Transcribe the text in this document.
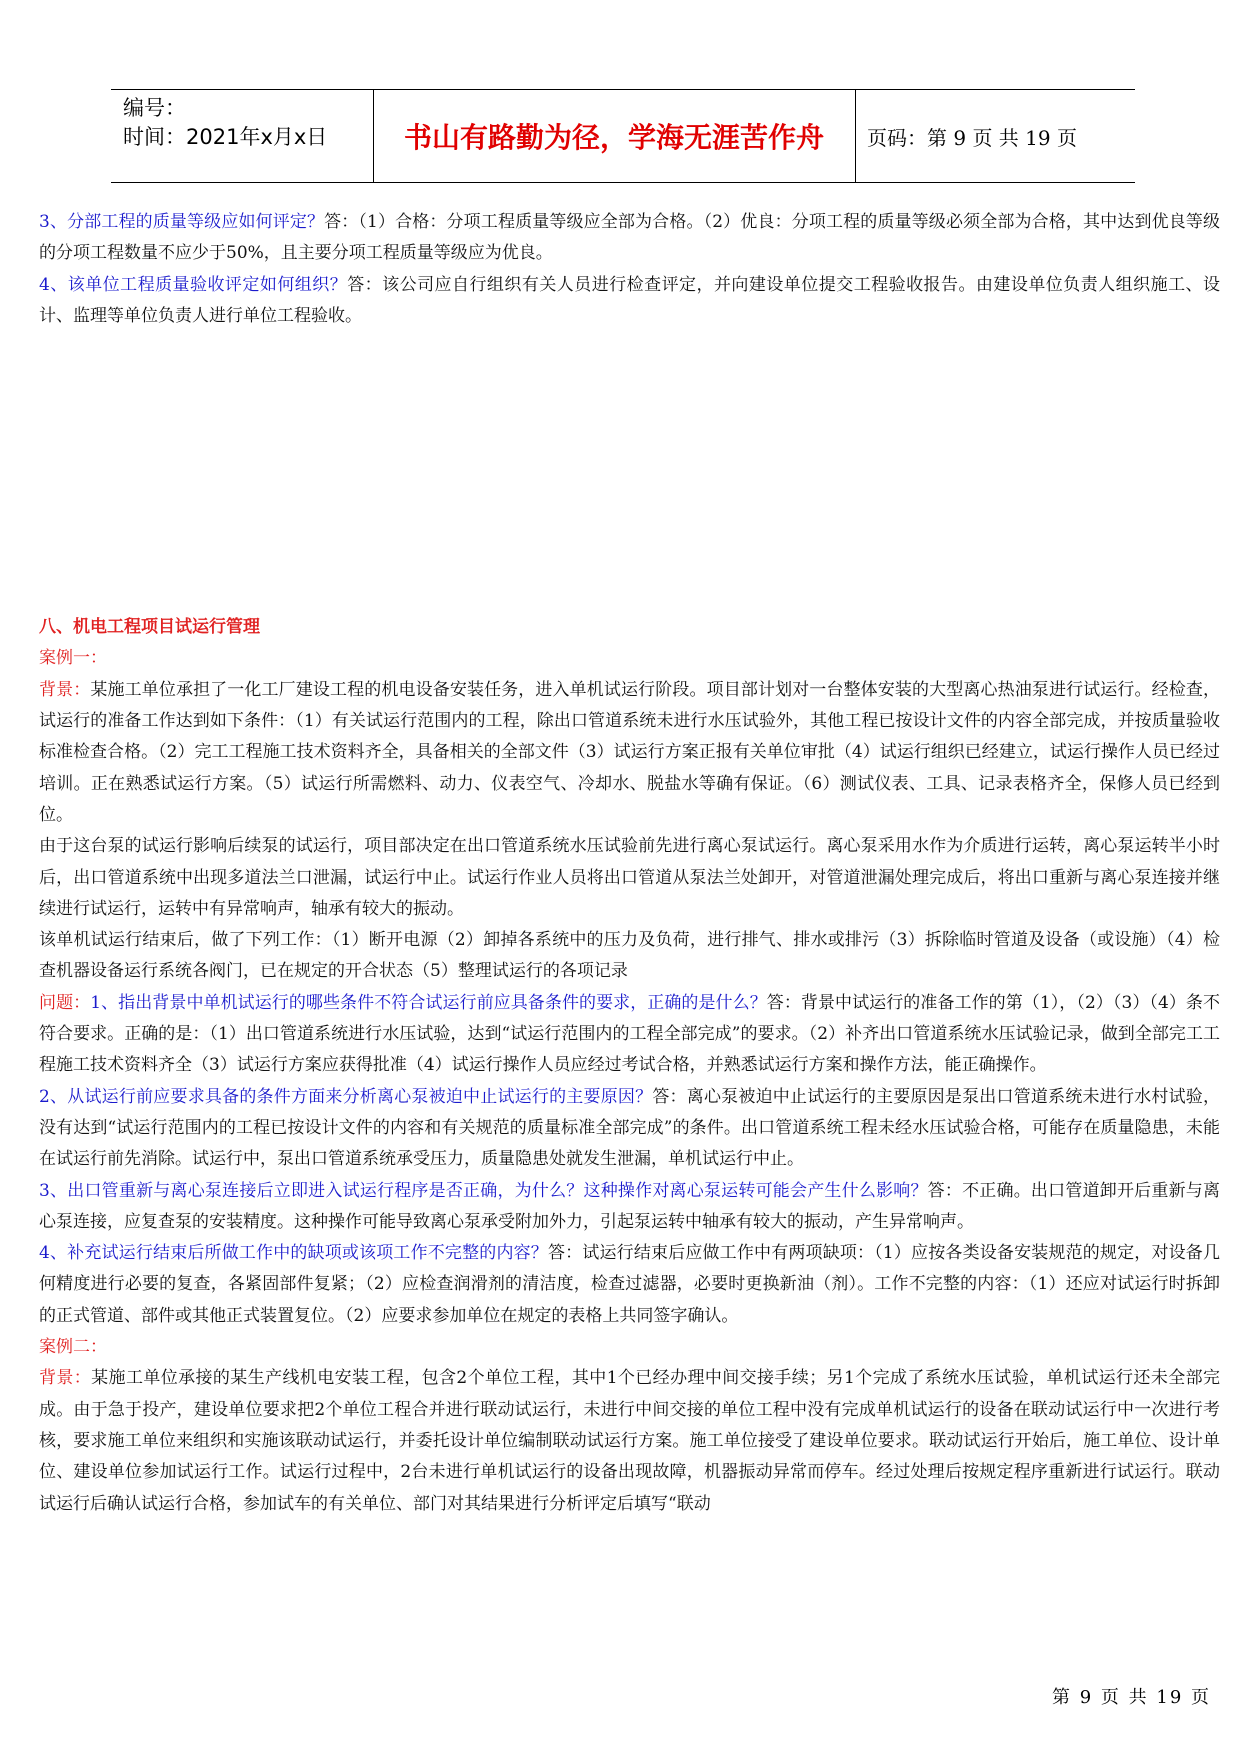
编号：
时间：2021年x月x日	书山有路勤为径，学海无涯苦作舟	页码：第 9 页 共 19 页

3、分部工程的质量等级应如何评定？答：（1）合格：分项工程质量等级应全部为合格。（2）优良：分项工程的质量等级必须全部为合格，其中达到优良等级的分项工程数量不应少于50%，且主要分项工程质量等级应为优良。

4、该单位工程质量验收评定如何组织？答：该公司应自行组织有关人员进行检查评定，并向建设单位提交工程验收报告。由建设单位负责人组织施工、设计、监理等单位负责人进行单位工程验收。

八、机电工程项目试运行管理

案例一：

背景：某施工单位承担了一化工厂建设工程的机电设备安装任务，进入单机试运行阶段。项目部计划对一台整体安装的大型离心热油泵进行试运行。经检查，试运行的准备工作达到如下条件：（1）有关试运行范围内的工程，除出口管道系统未进行水压试验外，其他工程已按设计文件的内容全部完成，并按质量验收标准检查合格。（2）完工工程施工技术资料齐全，具备相关的全部文件（3）试运行方案正报有关单位审批（4）试运行组织已经建立，试运行操作人员已经过培训。正在熟悉试运行方案。（5）试运行所需燃料、动力、仪表空气、冷却水、脱盐水等确有保证。（6）测试仪表、工具、记录表格齐全，保修人员已经到位。

由于这台泵的试运行影响后续泵的试运行，项目部决定在出口管道系统水压试验前先进行离心泵试运行。离心泵采用水作为介质进行运转，离心泵运转半小时后，出口管道系统中出现多道法兰口泄漏，试运行中止。试运行作业人员将出口管道从泵法兰处卸开，对管道泄漏处理完成后，将出口重新与离心泵连接并继续进行试运行，运转中有异常响声，轴承有较大的振动。

该单机试运行结束后，做了下列工作：（1）断开电源（2）卸掉各系统中的压力及负荷，进行排气、排水或排污（3）拆除临时管道及设备（或设施）（4）检查机器设备运行系统各阀门，已在规定的开合状态（5）整理试运行的各项记录

问题：1、指出背景中单机试运行的哪些条件不符合试运行前应具备条件的要求，正确的是什么？答：背景中试运行的准备工作的第（1），（2）（3）（4）条不符合要求。正确的是：（1）出口管道系统进行水压试验，达到“试运行范围内的工程全部完成”的要求。（2）补齐出口管道系统水压试验记录，做到全部完工工程施工技术资料齐全（3）试运行方案应获得批准（4）试运行操作人员应经过考试合格，并熟悉试运行方案和操作方法，能正确操作。

2、从试运行前应要求具备的条件方面来分析离心泵被迫中止试运行的主要原因？答：离心泵被迫中止试运行的主要原因是泵出口管道系统未进行水村试验，没有达到“试运行范围内的工程已按设计文件的内容和有关规范的质量标准全部完成”的条件。出口管道系统工程未经水压试验合格，可能存在质量隐患，未能在试运行前先消除。试运行中，泵出口管道系统承受压力，质量隐患处就发生泄漏，单机试运行中止。

3、出口管重新与离心泵连接后立即进入试运行程序是否正确，为什么？这种操作对离心泵运转可能会产生什么影响？答：不正确。出口管道卸开后重新与离心泵连接，应复查泵的安装精度。这种操作可能导致离心泵承受附加外力，引起泵运转中轴承有较大的振动，产生异常响声。

4、补充试运行结束后所做工作中的缺项或该项工作不完整的内容？答：试运行结束后应做工作中有两项缺项：（1）应按各类设备安装规范的规定，对设备几何精度进行必要的复查，各紧固部件复紧；（2）应检查润滑剂的清洁度，检查过滤器，必要时更换新油（剂）。工作不完整的内容：（1）还应对试运行时拆卸的正式管道、部件或其他正式装置复位。（2）应要求参加单位在规定的表格上共同签字确认。

案例二：

背景：某施工单位承接的某生产线机电安装工程，包含2个单位工程，其中1个已经办理中间交接手续；另1个完成了系统水压试验，单机试运行还未全部完成。由于急于投产，建设单位要求把2个单位工程合并进行联动试运行，未进行中间交接的单位工程中没有完成单机试运行的设备在联动试运行中一次进行考核，要求施工单位来组织和实施该联动试运行，并委托设计单位编制联动试运行方案。施工单位接受了建设单位要求。联动试运行开始后，施工单位、设计单位、建设单位参加试运行工作。试运行过程中，2台未进行单机试运行的设备出现故障，机器振动异常而停车。经过处理后按规定程序重新进行试运行。联动试运行后确认试运行合格，参加试车的有关单位、部门对其结果进行分析评定后填写“联动

第 9 页 共 19 页
